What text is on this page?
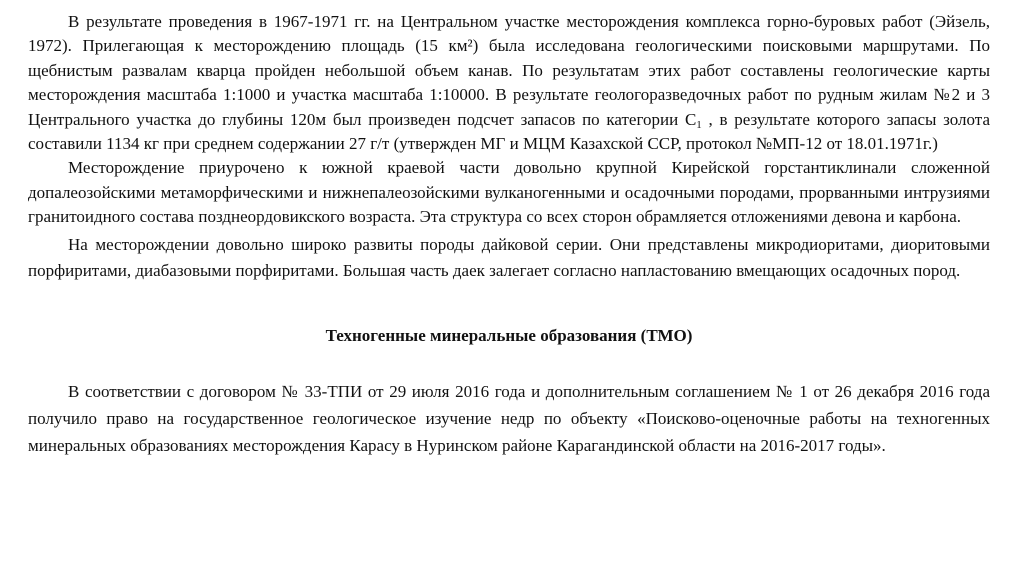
В результате проведения в 1967-1971 гг. на Центральном участке месторождения комплекса горно-буровых работ (Эйзель, 1972). Прилегающая к месторождению площадь (15 км²) была исследована геологическими поисковыми маршрутами. По щебнистым развалам кварца пройден небольшой объем канав. По результатам этих работ составлены геологические карты месторождения масштаба 1:1000 и участка масштаба 1:10000. В результате геологоразведочных работ по рудным жилам №2 и 3 Центрального участка до глубины 120м был произведен подсчет запасов по категории $С_1$ , в результате которого запасы золота составили 1134 кг при среднем содержании 27 г/т (утвержден МГ и МЦМ Казахской ССР, протокол №МП-12 от 18.01.1971г.)

Месторождение приурочено к южной краевой части довольно крупной Кирейской горстантиклинали сложенной допалеозойскими метаморфическими и нижнепалеозойскими вулканогенными и осадочными породами, прорванными интрузиями гранитоидного состава позднеордовикского возраста. Эта структура со всех сторон обрамляется отложениями девона и карбона.

На месторождении довольно широко развиты породы дайковой серии. Они представлены микродиоритами, диоритовыми порфиритами, диабазовыми порфиритами. Большая часть даек залегает согласно напластованию вмещающих осадочных пород.

Техногенные минеральные образования (ТМО)

В соответствии с договором № 33-ТПИ от 29 июля 2016 года и дополнительным соглашением № 1 от 26 декабря 2016 года получило право на государственное геологическое изучение недр по объекту «Поисково-оценочные работы на техногенных минеральных образованиях месторождения Карасу в Нуринском районе Карагандинской области на 2016-2017 годы».
